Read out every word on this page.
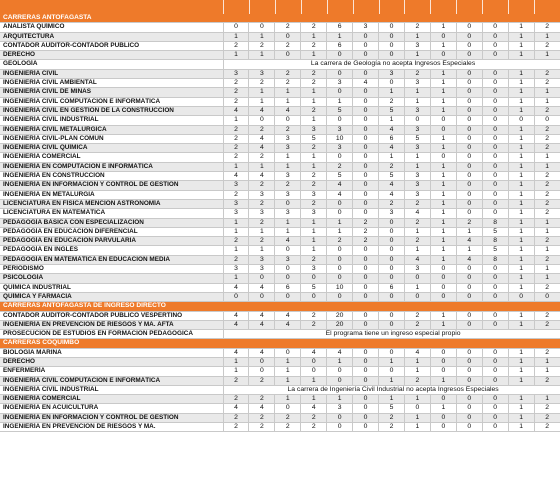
CARRERAS ANTOFAGASTA													
ANALISTA QUÍMICO	0	0	2	2	6	3	0	2	1	0	0	1	2
ARQUITECTURA	1	1	0	1	1	0	0	1	0	0	0	1	1
CONTADOR AUDITOR-CONTADOR PÚBLICO	2	2	2	2	6	0	0	3	1	0	0	1	2
DERECHO	1	1	0	1	0	0	0	1	0	0	0	1	1
GEOLOGÍA	La carrera de Geología no acepta Ingresos Especiales												
INGENIERÍA CIVIL	3	3	2	2	0	0	3	2	1	0	0	1	2
INGENIERÍA CIVIL AMBIENTAL	2	2	2	2	3	4	0	3	1	0	0	1	2
INGENIERÍA CIVIL DE MINAS	2	1	1	1	0	0	1	1	1	0	0	1	1
INGENIERÍA CIVIL COMPUTACIÓN E INFORMÁTICA	2	1	1	1	1	0	2	1	1	0	0	1	1
INGENIERÍA CIVIL EN GESTIÓN DE LA CONSTRUCCIÓN	4	4	4	2	5	0	5	3	1	0	0	1	2
INGENIERÍA CIVIL INDUSTRIAL	1	0	0	1	0	0	1	0	0	0	0	0	0
INGENIERÍA CIVIL METALÚRGICA	2	2	2	3	3	0	4	3	0	0	0	1	2
INGENIERÍA CIVIL-PLAN COMÚN	2	4	3	5	10	0	6	5	1	0	0	1	2
INGENIERÍA CIVIL QUÍMICA	2	4	3	2	3	0	4	3	1	0	0	1	2
INGENIERÍA COMERCIAL	2	2	1	1	0	0	1	1	0	0	0	1	1
INGENIERÍA EN COMPUTACIÓN E INFORMÁTICA	1	1	1	1	2	0	2	1	1	0	0	1	1
INGENIERÍA EN CONSTRUCCIÓN	4	4	3	2	5	0	5	3	1	0	0	1	2
INGENIERÍA EN INFORMACIÓN Y CONTROL DE GESTIÓN	3	2	2	2	4	0	4	3	1	0	0	1	2
INGENIERÍA EN METALURGIA	2	3	3	3	4	0	4	3	1	0	0	1	2
LICENCIATURA EN FÍSICA MENCIÓN ASTRONOMÍA	3	2	0	2	0	0	2	2	1	0	0	1	2
LICENCIATURA EN MATEMÁTICA	3	3	3	3	0	0	3	4	1	0	0	1	2
PEDAGOGÍA BÁSICA CON ESPECIALIZACIÓN	1	2	1	1	1	2	0	2	1	2	8	1	1
PEDAGOGÍA EN EDUCACIÓN DIFERENCIAL	1	1	1	1	1	2	0	1	1	1	5	1	1
PEDAGOGÍA EN EDUCACIÓN PARVULARIA	2	2	4	1	2	2	0	2	1	4	8	1	2
PEDAGOGÍA EN INGLÉS	1	1	0	1	0	0	0	1	1	1	5	1	1
PEDAGOGÍA EN MATEMÁTICA EN EDUCACIÓN MEDIA	2	3	3	2	0	0	0	4	1	4	8	1	2
PERIODISMO	3	3	0	3	0	0	0	3	0	0	0	1	1
PSICOLOGÍA	1	0	0	0	0	0	0	0	0	0	0	1	1
QUÍMICA INDUSTRIAL	4	4	6	5	10	0	6	1	0	0	0	1	2
QUÍMICA Y FARMACIA	0	0	0	0	0	0	0	0	0	0	0	0	0
CARRERAS ANTOFAGASTA DE INGRESO DIRECTO													
CONTADOR AUDITOR-CONTADOR PÚBLICO VESPERTINO	4	4	4	2	20	0	0	2	1	0	0	1	2
INGENIERÍA EN PREVENCIÓN DE RIESGOS Y MA. AFTA	4	4	4	2	20	0	0	2	1	0	0	1	2
PROSECUCIÓN DE ESTUDIOS EN FORMACIÓN PEDAGÓGICA	El programa tiene un ingreso especial propio												
CARRERAS COQUIMBO													
BIOLOGÍA MARINA	4	4	0	4	4	0	0	4	0	0	0	1	2
DERECHO	1	0	1	0	1	0	1	1	0	0	0	1	1
ENFERMERÍA	1	0	1	0	0	0	0	1	0	0	0	1	1
INGENIERÍA CIVIL COMPUTACIÓN E INFORMÁTICA	2	2	1	1	0	0	1	2	1	0	0	1	2
INGENIERÍA CIVIL INDUSTRIAL	La carrera de Ingeniería Civil Industrial no acepta Ingresos Especiales												
INGENIERÍA COMERCIAL	2	2	1	1	1	0	1	1	0	0	0	1	1
INGENIERÍA EN ACUICULTURA	4	4	0	4	3	0	5	0	1	0	0	1	2
INGENIERÍA EN INFORMACIÓN Y CONTROL DE GESTIÓN	2	2	2	2	0	0	2	1	0	0	0	1	2
INGENIERÍA EN PREVENCIÓN DE RIESGOS Y MA.	2	2	2	2	0	0	2	1	0	0	0	1	2
